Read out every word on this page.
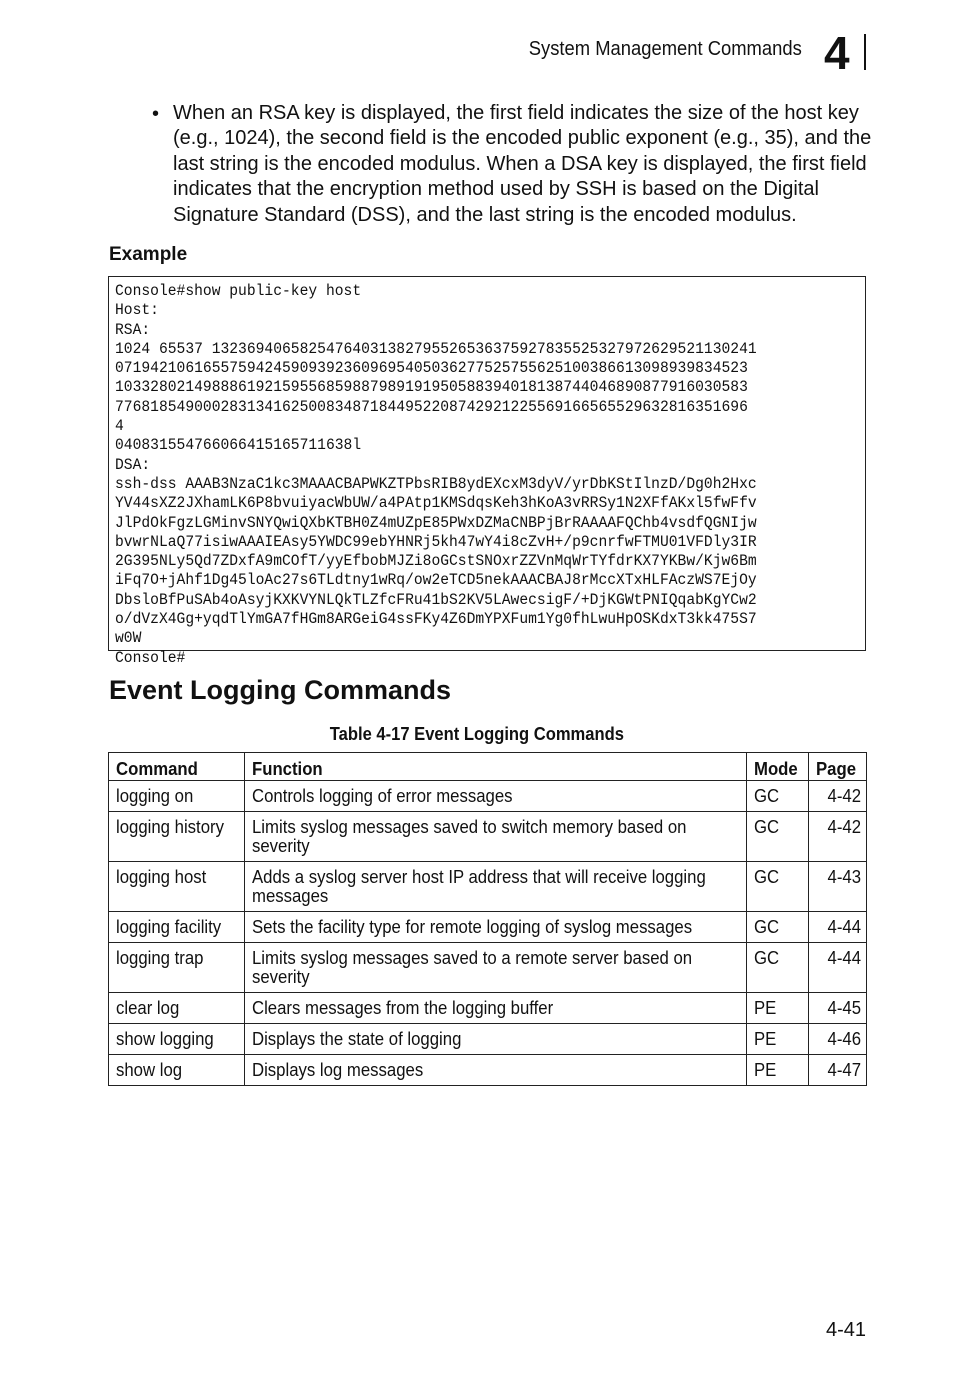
System Management Commands 4
• When an RSA key is displayed, the first field indicates the size of the host key (e.g., 1024), the second field is the encoded public exponent (e.g., 35), and the last string is the encoded modulus. When a DSA key is displayed, the first field indicates that the encryption method used by SSH is based on the Digital Signature Standard (DSS), and the last string is the encoded modulus.
Example
Console#show public-key host
Host:
RSA:
1024 65537 13236940658254764031382795526536375927835525327972629521130241
071942106165575942459093923609695405036277525755625100386613098939834523
103328021498886192159556859887989191950588394018138744046890877916030583
776818549000283134162500834871844952208742921225569166565529632816351696
4
040831554766066415165711638l
DSA:
ssh-dss AAAB3NzaC1kc3MAAACBAPWKZTPbsRIB8ydEXcxM3dyV/yrDbKStIlnzD/Dg0h2Hxc
YV44sXZ2JXhamLK6P8bvuiyacWbUW/a4PAtp1KMSdqsKeh3hKoA3vRRSy1N2XFfAKxl5fwFfv
JlPdOkFgzLGMinvSNYQwiQXbKTBH0Z4mUZpE85PWxDZMaCNBPjBrRAAAAFQChb4vsdfQGNIjw
bvwrNLaQ77isiwAAAIEAsy5YWDC99ebYHNRj5kh47wY4i8cZvH+/p9cnrfwFTMU01VFDly3IR
2G395NLy5Qd7ZDxfA9mCOfT/yyEfbobMJZi8oGCstSNOxrZZVnMqWrTYfdrKX7YKBw/Kjw6Bm
iFq7O+jAhf1Dg45loAc27s6TLdtny1wRq/ow2eTCD5nekAAACBAJ8rMccXTxHLFAczWS7EjOy
DbsloBfPuSAb4oAsyjKXKVYNLQkTLZfcFRu41bS2KV5LAwecsigF/+DjKGWtPNIQqabKgYCw2
o/dVzX4Gg+yqdTlYmGA7fHGm8ARGeiG4ssFKy4Z6DmYPXFum1Yg0fhLwuHpOSKdxT3kk475S7
w0W
Console#
Event Logging Commands
Table 4-17 Event Logging Commands
Command	Function	Mode	Page
logging on	Controls logging of error messages	GC	4-42
logging history	Limits syslog messages saved to switch memory based on
severity	GC	4-42
logging host	Adds a syslog server host IP address that will receive logging
messages	GC	4-43
logging facility	Sets the facility type for remote logging of syslog messages	GC	4-44
logging trap	Limits syslog messages saved to a remote server based on
severity	GC	4-44
clear log	Clears messages from the logging buffer	PE	4-45
show logging	Displays the state of logging	PE	4-46
show log	Displays log messages	PE	4-47
4-41
